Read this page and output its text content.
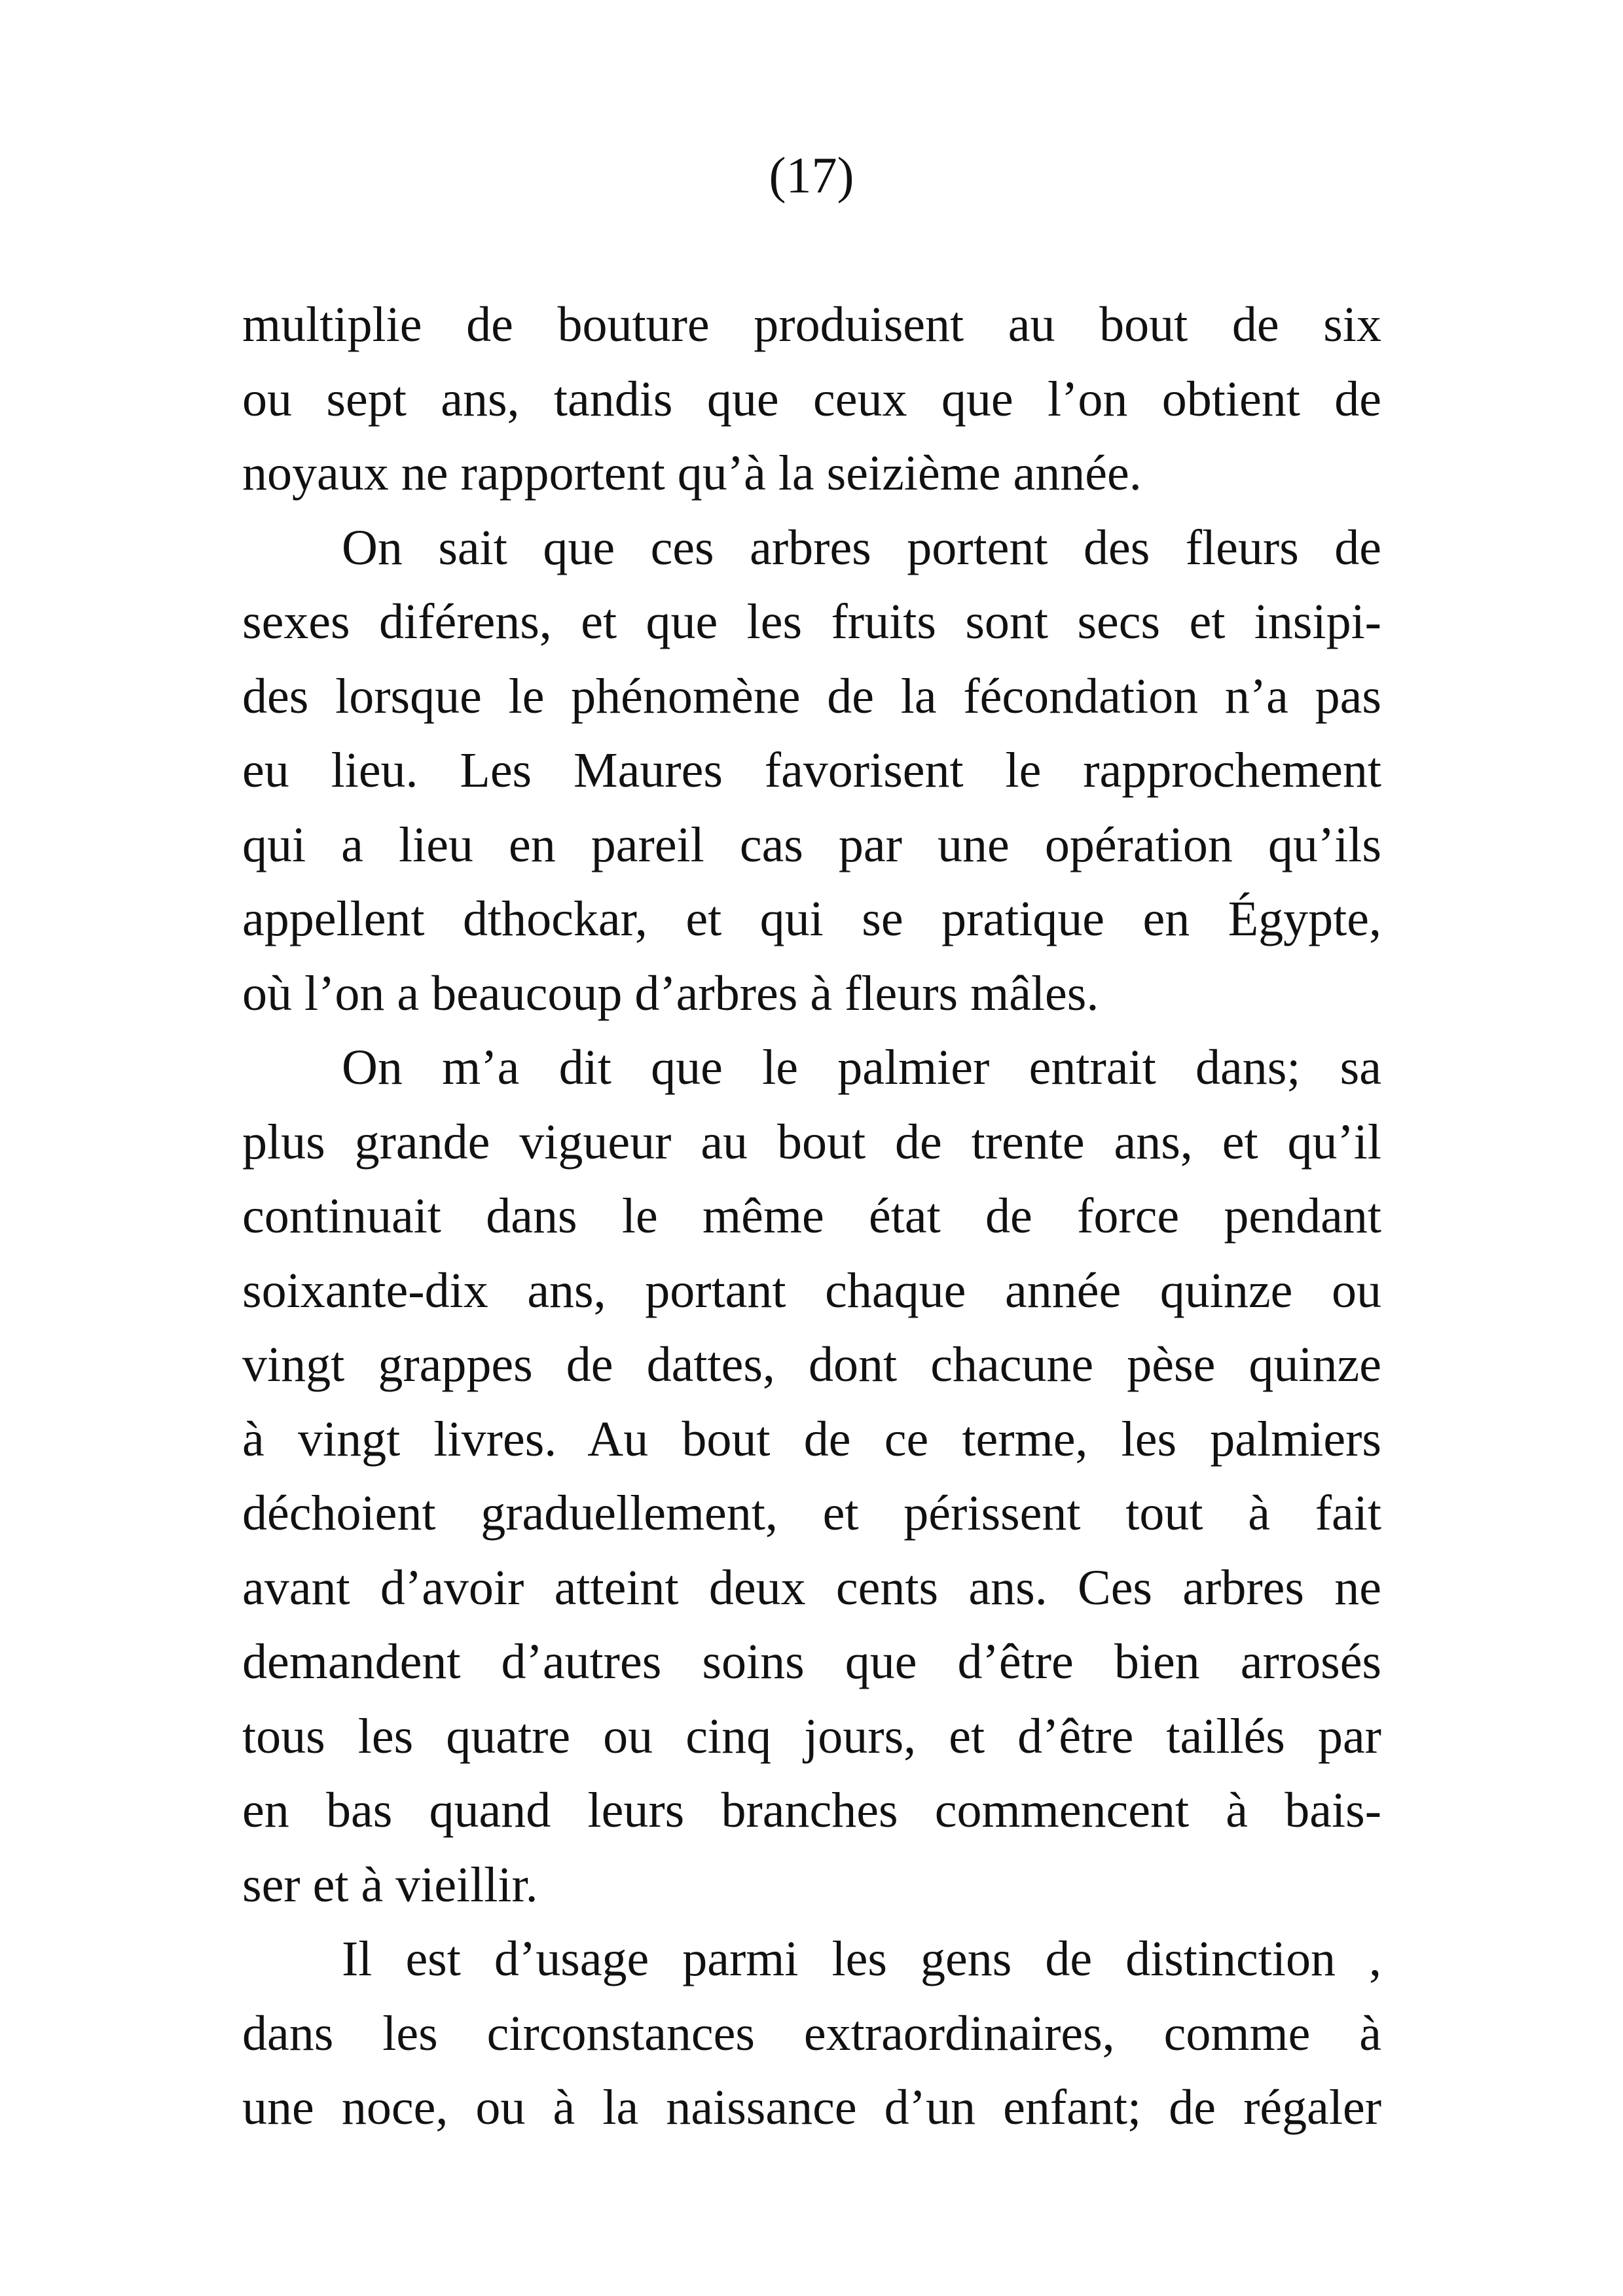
(17)
multiplie de bouture produisent au bout de six
ou sept ans, tandis que ceux que l’on obtient de
noyaux ne rapportent qu’à la seizième année.
On sait que ces arbres portent des fleurs de
sexes diférens, et que les fruits sont secs et insipi-
des lorsque le phénomène de la fécondation n’a pas
eu lieu. Les Maures favorisent le rapprochement
qui a lieu en pareil cas par une opération qu’ils
appellent dthockar, et qui se pratique en Égypte,
où l’on a beaucoup d’arbres à fleurs mâles.
On m’a dit que le palmier entrait dans; sa
plus grande vigueur au bout de trente ans, et qu’il
continuait dans le même état de force pendant
soixante-dix ans, portant chaque année quinze ou
vingt grappes de dattes, dont chacune pèse quinze
à vingt livres. Au bout de ce terme, les palmiers
déchoient graduellement, et périssent tout à fait
avant d’avoir atteint deux cents ans. Ces arbres ne
demandent d’autres soins que d’être bien arrosés
tous les quatre ou cinq jours, et d’être taillés par
en bas quand leurs branches commencent à bais-
ser et à vieillir.
Il est d’usage parmi les gens de distinction ,
dans les circonstances extraordinaires, comme à
une noce, ou à la naissance d’un enfant; de régaler
